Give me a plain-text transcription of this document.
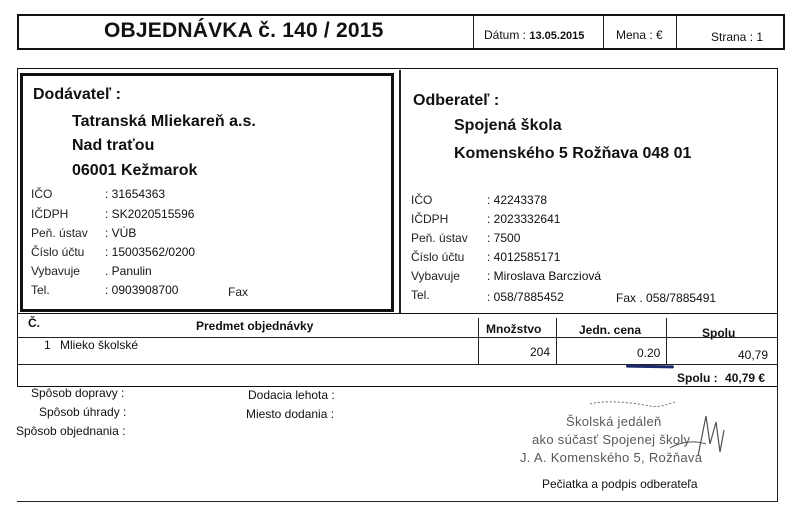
OBJEDNÁVKA č. 140 / 2015	Dátum : 13.05.2015	Mena : €	Strana : 1
Dodávateľ :
Tatranská Mliekareň a.s.
Nad traťou
06001 Kežmarok
IČO	: 31654363
IČDPH	: SK2020515596
Peň. ústav : VÚB
Číslo účtu : 15003562/0200
Vybavuje . Panulin
Tel.	: 0903908700	Fax
Odberateľ :
Spojená škola
Komenského 5 Rožňava 048 01
IČO	: 42243378
IČDPH	: 2023332641
Peň. ústav : 7500
Číslo účtu : 4012585171
Vybavuje : Miroslava Barcziová
Tel.	: 058/7885452	Fax . 058/7885491
Č.	Predmet objednávky	Množstvo	Jedn. cena	Spolu
1 Mlieko školské	204	0.20	40,79
Spolu : 40,79 €
Spôsob dopravy :
Spôsob úhrady :
Spôsob objednania :
Dodacia lehota :
Miesto dodania :	Školská jedáleň
ako súčasť Spojenej školy
J. A. Komenského 5, Rožňava
Pečiatka a podpis odberateľa
